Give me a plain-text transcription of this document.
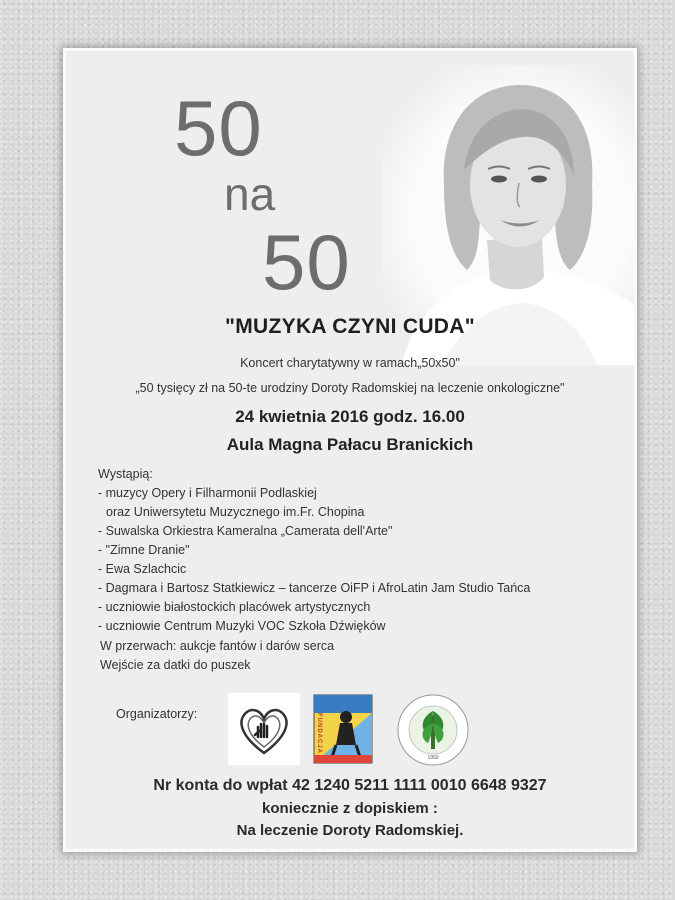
50
na
50
"MUZYKA CZYNI CUDA"
Koncert charytatywny w ramach„50x50"
„50 tysięcy zł na 50-te urodziny Doroty Radomskiej na leczenie onkologiczne"
24 kwietnia 2016 godz. 16.00
Aula Magna Pałacu Branickich
Wystąpią:
- muzycy Opery i Filharmonii Podlaskiej
oraz Uniwersytetu Muzycznego im.Fr. Chopina
- Suwalska Orkiestra Kameralna „Camerata dell'Arte"
- "Zimne Dranie"
- Ewa Szlachcic
- Dagmara i Bartosz Statkiewicz – tancerze OiFP i AfroLatin Jam Studio Tańca
- uczniowie białostockich placówek artystycznych
- uczniowie Centrum Muzyki VOC Szkoła Dźwięków
W przerwach: aukcje fantów i darów serca
Wejście za datki do puszek
Organizatorzy:	FUNDACJA
1950
Nr konta do wpłat 42 1240 5211 1111 0010 6648 9327
koniecznie z dopiskiem :
Na leczenie Doroty Radomskiej.
